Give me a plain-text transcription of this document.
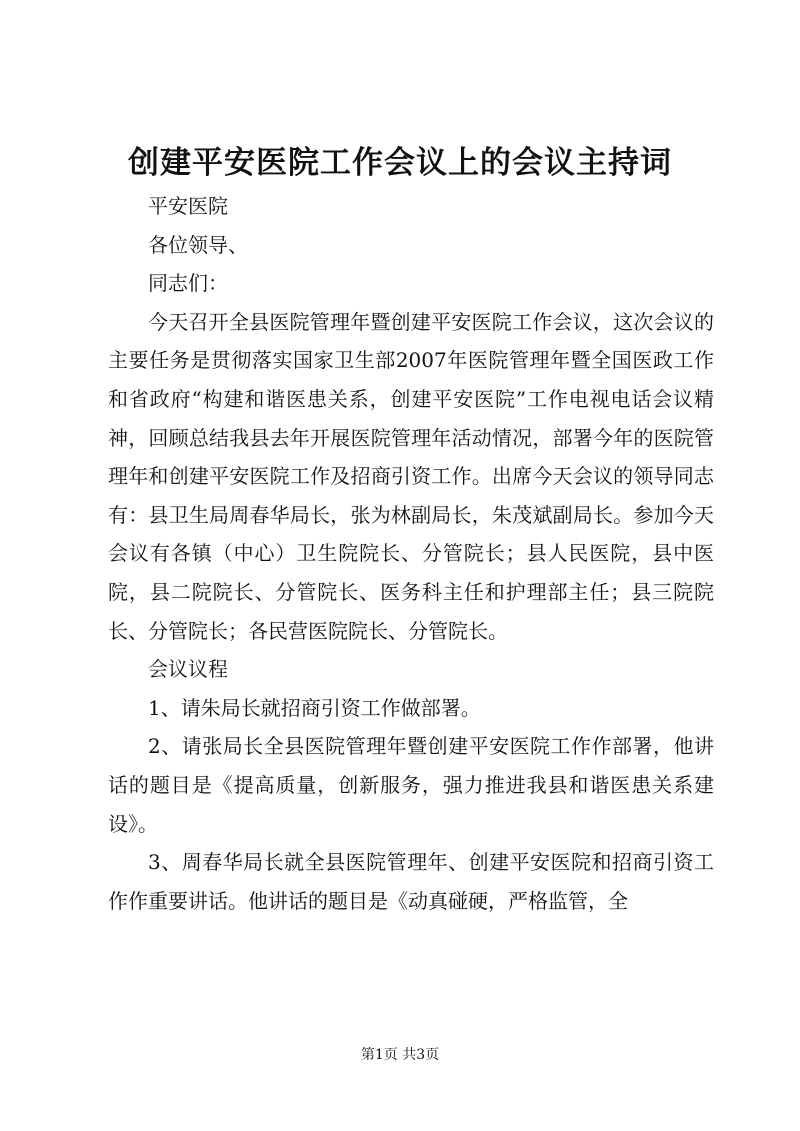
创建平安医院工作会议上的会议主持词

平安医院

各位领导、

同志们：

今天召开全县医院管理年暨创建平安医院工作会议，这次会议的主要任务是贯彻落实国家卫生部2007年医院管理年暨全国医政工作和省政府“构建和谐医患关系，创建平安医院”工作电视电话会议精神，回顾总结我县去年开展医院管理年活动情况，部署今年的医院管理年和创建平安医院工作及招商引资工作。出席今天会议的领导同志有：县卫生局周春华局长，张为林副局长，朱茂斌副局长。参加今天会议有各镇（中心）卫生院院长、分管院长；县人民医院，县中医院，县二院院长、分管院长、医务科主任和护理部主任；县三院院长、分管院长；各民营医院院长、分管院长。

会议议程

1、请朱局长就招商引资工作做部署。

2、请张局长全县医院管理年暨创建平安医院工作作部署，他讲话的题目是《提高质量，创新服务，强力推进我县和谐医患关系建设》。

3、周春华局长就全县医院管理年、创建平安医院和招商引资工作作重要讲话。他讲话的题目是《动真碰硬，严格监管，全

第1页 共3页
